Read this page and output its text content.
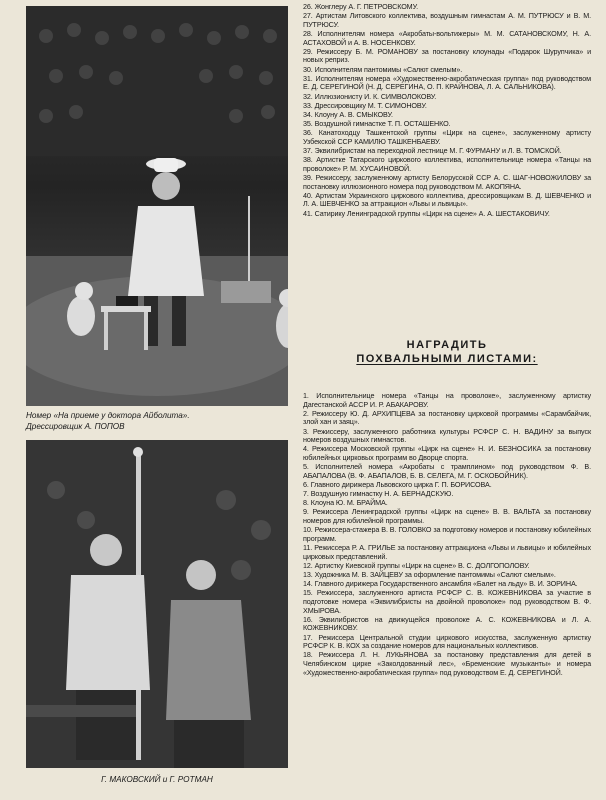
Номер «На приеме у доктора Айболита».
Дрессировщик А. ПОПОВ
Г. МАКОВСКИЙ и Г. РОТМАН
26. Жонглеру А. Г. ПЕТРОВСКОМУ.
27. Артистам Литовского коллектива, воздушным гимнастам А. М. ПУТРЮСУ и В. М. ПУТРЮСУ.
28. Исполнителям номера «Акробаты-вольтижеры» М. М. САТАНОВСКОМУ, Н. А. АСТАХОВОЙ и А. В. НОСЕНКОВУ.
29. Режиссеру Б. М. РОМАНОВУ за постановку клоунады «Подарок Шурупчика» и новых реприз.
30. Исполнителям пантомимы «Салют смелым».
31. Исполнителям номера «Художественно-акробатическая группа» под руководством Е. Д. СЕРЕГИНОЙ (Н. Д. СЕРЕГИНА, О. П. КРАЙНОВА, Л. А. САЛЬНИКОВА).
32. Иллюзионисту И. К. СИМВОЛОКОВУ.
33. Дрессировщику М. Т. СИМОНОВУ.
34. Клоуну А. В. СМЫКОВУ.
35. Воздушной гимнастке Т. П. ОСТАШЕНКО.
36. Канатоходцу Ташкентской группы «Цирк на сцене», заслуженному артисту Узбекской ССР КАМИЛЮ ТАШКЕНБАЕВУ.
37. Эквилибристам на переходной лестнице М. Г. ФУРМАНУ и Л. В. ТОМСКОЙ.
38. Артистке Татарского циркового коллектива, исполнительнице номера «Танцы на проволоке» Р. М. ХУСАИНОВОЙ.
39. Режиссеру, заслуженному артисту Белорусской ССР А. С. ШАГ-НОВОЖИЛОВУ за постановку иллюзионного номера под руководством М. АКОПЯНА.
40. Артистам Украинского циркового коллектива, дрессировщикам В. Д. ШЕВЧЕНКО и Л. А. ШЕВЧЕНКО за аттракцион «Львы и львицы».
41. Сатирику Ленинградской группы «Цирк на сцене» А. А. ШЕСТАКОВИЧУ.
НАГРАДИТЬ
ПОХВАЛЬНЫМИ ЛИСТАМИ:
1. Исполнительнице номера «Танцы на проволоке», заслуженному артистку Дагестанской АССР И. Р. АБАКАРОВУ.
2. Режиссеру Ю. Д. АРХИПЦЕВА за постановку цирковой программы «Сарамбайчик, злой хан и заяц».
3. Режиссеру, заслуженного работника культуры РСФСР С. Н. ВАДИНУ за выпуск номеров воздушных гимнастов.
4. Режиссера Московской группы «Цирк на сцене» Н. И. БЕЗНОСИКА за постановку юбилейных цирковых программ во Дворце спорта.
5. Исполнителей номера «Акробаты с трамплином» под руководством Ф. В. АБАПАЛОВА (В. Ф. АБАПАЛОВ, Б. В. СЕЛЕГА, М. Г. ОСКОБОЙНИК).
6. Главного дирижера Львовского цирка Г. П. БОРИСОВА.
7. Воздушную гимнастку Н. А. БЕРНАДСКУЮ.
8. Клоуна Ю. М. БРАЙМА.
9. Режиссера Ленинградской группы «Цирк на сцене» В. В. ВАЛЬТА за постановку номеров для юбилейной программы.
10. Режиссера-стажера В. В. ГОЛОВКО за подготовку номеров и постановку юбилейных программ.
11. Режиссера Р. А. ГРИЛЬЕ за постановку аттракциона «Львы и львицы» и юбилейных цирковых представлений.
12. Артистку Киевской группы «Цирк на сцене» В. С. ДОЛГОПОЛОВУ.
13. Художника М. В. ЗАЙЦЕВУ за оформление пантомимы «Салют смелым».
14. Главного дирижера Государственного ансамбля «Балет на льду» В. И. ЗОРИНА.
15. Режиссера, заслуженного артиста РСФСР С. В. КОЖЕВНИКОВА за участие в подготовке номера «Эквилибристы на двойной проволоке» под руководством В. Ф. ХМЫРОВА.
16. Эквилибристов на движущейся проволоке А. С. КОЖЕВНИКОВА и Л. А. КОЖЕВНИКОВУ.
17. Режиссера Центральной студии циркового искусства, заслуженную артистку РСФСР К. В. КОХ за создание номеров для национальных коллективов.
18. Режиссера Л. Н. ЛУКЬЯНОВА за постановку представления для детей в Челябинском цирке «Заколдованный лес», «Бременские музыканты» и номера «Художественно-акробатическая группа» под руководством Е. Д. СЕРЕГИНОЙ.
